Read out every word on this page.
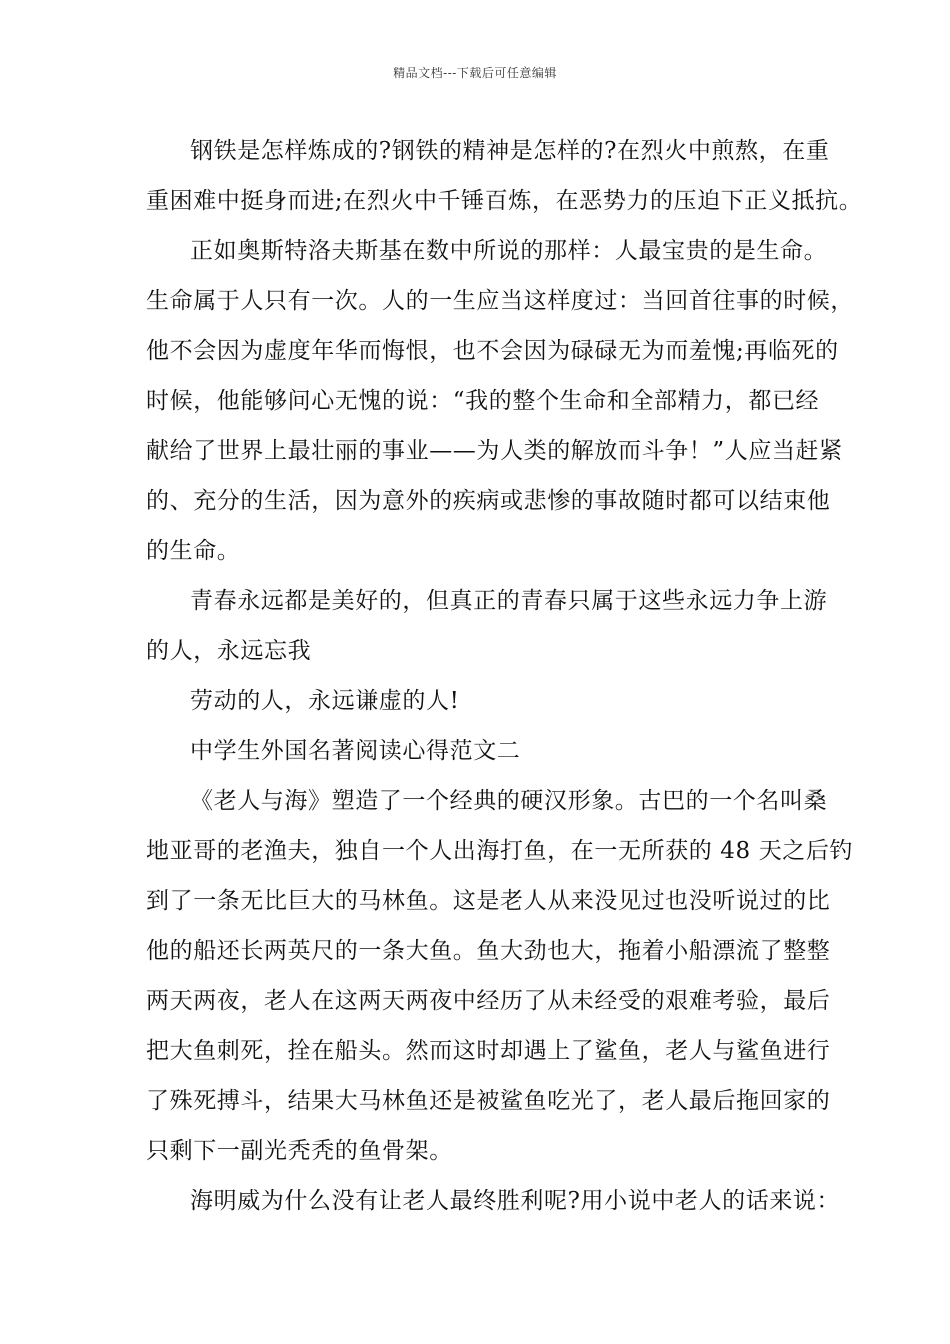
精品文档---下载后可任意编辑
钢铁是怎样炼成的?钢铁的精神是怎样的?在烈火中煎熬，在重
重困难中挺身而进;在烈火中千锤百炼，在恶势力的压迫下正义抵抗。
正如奥斯特洛夫斯基在数中所说的那样：人最宝贵的是生命。
生命属于人只有一次。人的一生应当这样度过：当回首往事的时候，
他不会因为虚度年华而悔恨，也不会因为碌碌无为而羞愧;再临死的
时候，他能够问心无愧的说：“我的整个生命和全部精力，都已经
献给了世界上最壮丽的事业——为人类的解放而斗争！”人应当赶紧
的、充分的生活，因为意外的疾病或悲惨的事故随时都可以结束他
的生命。
青春永远都是美好的，但真正的青春只属于这些永远力争上游
的人，永远忘我
劳动的人，永远谦虚的人!
中学生外国名著阅读心得范文二
《老人与海》塑造了一个经典的硬汉形象。古巴的一个名叫桑
地亚哥的老渔夫，独自一个人出海打鱼，在一无所获的 48 天之后钓
到了一条无比巨大的马林鱼。这是老人从来没见过也没听说过的比
他的船还长两英尺的一条大鱼。鱼大劲也大，拖着小船漂流了整整
两天两夜，老人在这两天两夜中经历了从未经受的艰难考验，最后
把大鱼刺死，拴在船头。然而这时却遇上了鲨鱼，老人与鲨鱼进行
了殊死搏斗，结果大马林鱼还是被鲨鱼吃光了，老人最后拖回家的
只剩下一副光秃秃的鱼骨架。
海明威为什么没有让老人最终胜利呢?用小说中老人的话来说：
